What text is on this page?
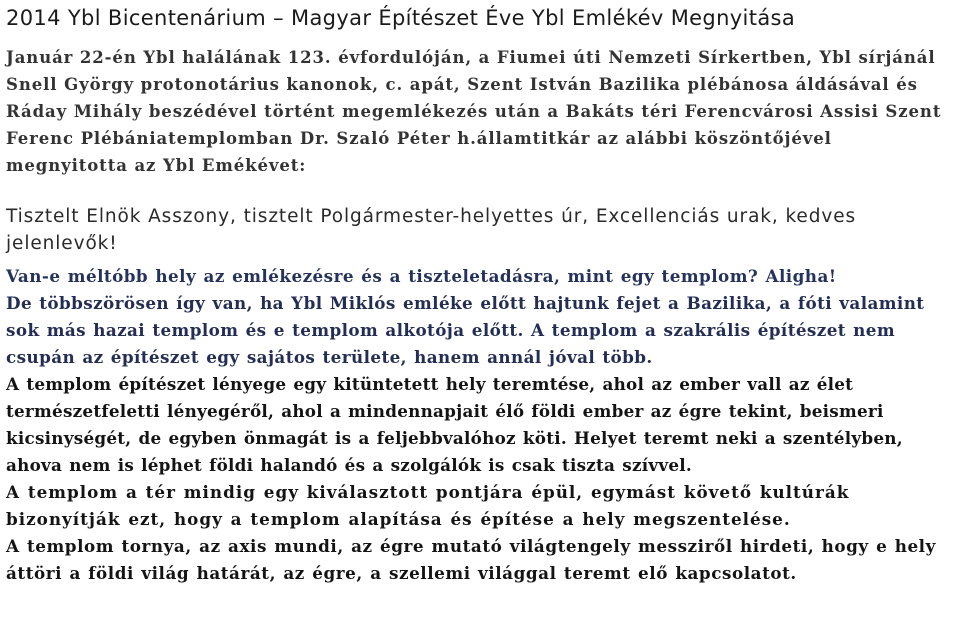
2014 Ybl Bicentenárium – Magyar Építészet Éve Ybl Emlékév Megnyitása

Január 22-én Ybl halálának 123. évfordulóján, a Fiumei úti Nemzeti Sírkertben, Ybl sírjánál Snell György protonotárius kanonok, c. apát, Szent István Bazilika plébánosa áldásával és Ráday Mihály beszédével történt megemlékezés után a Bakáts téri Ferencvárosi Assisi Szent Ferenc Plébániatemplomban Dr. Szaló Péter h.államtitkár az alábbi köszöntőjével megnyitotta az Ybl Emékévet:

Tisztelt Elnök Asszony, tisztelt Polgármester-helyettes úr, Excellenciás urak, kedves jelenlevők!

Van-e méltóbb hely az emlékezésre és a tiszteletadásra, mint egy templom? Aligha!

De többszörösen így van, ha Ybl Miklós emléke előtt hajtunk fejet a Bazilika, a fóti valamint sok más hazai templom és e templom alkotója előtt. A templom a szakrális építészet nem csupán az építészet egy sajátos területe, hanem annál jóval több.

A templom építészet lényege egy kitüntetett hely teremtése, ahol az ember vall az élet természetfeletti lényegéről, ahol a mindennapjait élő földi ember az égre tekint, beismeri kicsinységét, de egyben önmagát is a feljebbvalóhoz köti. Helyet teremt neki a szentélyben, ahova nem is léphet földi halandó és a szolgálók is csak tiszta szívvel.

A templom a tér mindig egy kiválasztott pontjára épül, egymást követő kultúrák bizonyítják ezt, hogy a templom alapítása és építése a hely megszentelése.

A templom tornya, az axis mundi, az égre mutató világtengely messziről hirdeti, hogy e hely áttöri a földi világ határát, az égre, a szellemi világgal teremt elő kapcsolatot.
